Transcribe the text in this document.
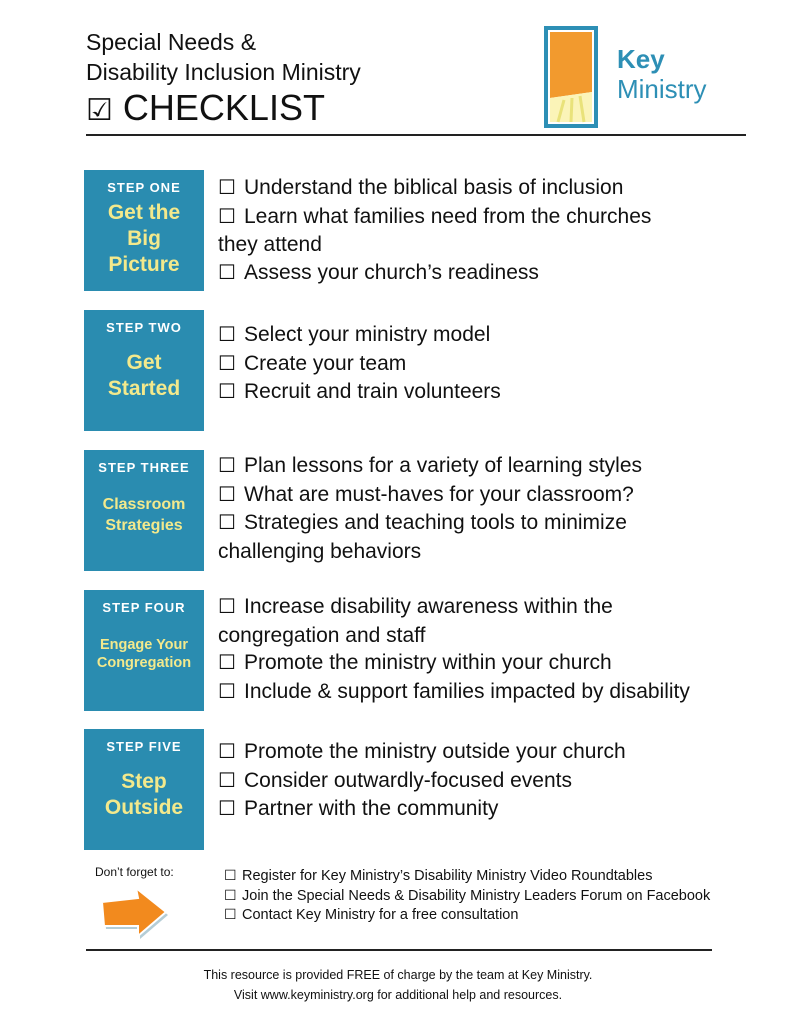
Special Needs &
Disability Inclusion Ministry
☑ CHECKLIST
Key
Ministry
STEP ONE
Get the
Big
Picture
☐ Understand the biblical basis of inclusion
☐ Learn what families need from the churches
they attend
☐ Assess your church’s readiness
STEP TWO
Get
Started
☐ Select your ministry model
☐ Create your team
☐ Recruit and train volunteers
STEP THREE
Classroom
Strategies
☐ Plan lessons for a variety of learning styles
☐ What are must-haves for your classroom?
☐ Strategies and teaching tools to minimize
challenging behaviors
STEP FOUR
Engage Your
Congregation
☐ Increase disability awareness within the
congregation and staff
☐ Promote the ministry within your church
☐ Include & support families impacted by disability
STEP FIVE
Step
Outside
☐ Promote the ministry outside your church
☐ Consider outwardly-focused events
☐ Partner with the community
Don’t forget to:	☐ Register for Key Ministry’s Disability Ministry Video Roundtables
☐ Join the Special Needs & Disability Ministry Leaders Forum on Facebook
☐ Contact Key Ministry for a free consultation
This resource is provided FREE of charge by the team at Key Ministry.
Visit www.keyministry.org for additional help and resources.
